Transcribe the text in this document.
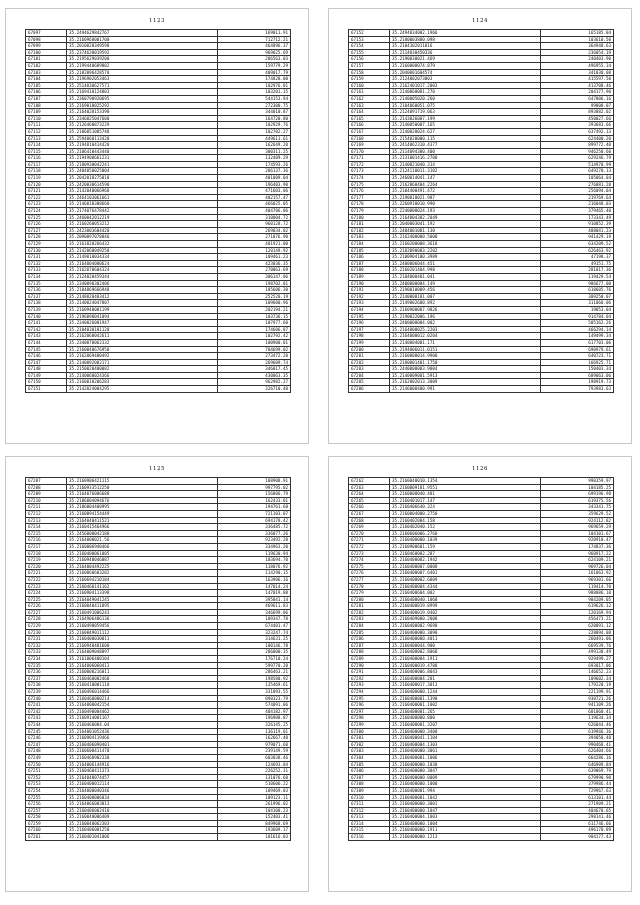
1123
67097	35.2494629842767	169011.91
67098	35.2160968001700	712712.21
67099	35.2010020349598	464896.37
67100	35.2374620019592	969025.69
67101	35.2195629039200	286563.03
67102	35.2199440689802	159779.29
67103	35.2182096428570	409017.79
67104	35.2196902053463	174828.00
67105	35.2514030627571	102976.01
67106	35.2169410124803	103201.15
67107	35.2360790920695	544153.94
67108	35.2169010025292	272300.75
67109	35.2164020153398	344010.87
67110	35.2346025047600	164720.80
67111	35.2126460873229	102929.76
67112	35.2186051005748	102702.27
67113	35.2594060113420	449611.61
67114	35.2194010414420	162649.20
67115	35.2106410443440	300311.25
67116	35.2194900661231	132409.29
67117	35.2180930042241	174593.26
67118	35.2404050025004	286137.36
67119	35.2042010275018	401009.04
67120	35.2420030614590	196403.90
67121	35.2142040066968	471603.06
67122	35.2464103061661	402157.47
67123	35.2146010308660	466025.05
67124	35.2174076478442	404706.06
67125	35.2460042012219	310004.72
67126	35.2160260053212	960128.72
67127	35.2423003604420	269034.02
67128	35.2090097078046	271076.90
67129	35.2161020266432	401921.00
67130	35.2142060049250	120149.92
67131	35.2149010034334	109461.23
67132	35.2164004000624	423036.35
67133	35.2162070604324	270063.69
67134	35.2124020459344	306147.06
67135	35.2340090302406	198702.01
67136	35.2184069666948	185606.30
67137	35.2148020403412	252520.19
67138	35.2140024047807	109600.96
67139	35.2160940001199	202194.21
67140	35.2196090041094	103736.15
67141	35.2340026001947	107977.60
67142	35.2104030101120	174606.87
67143	35.2162060042611	102792.42
67144	35.2340070062332	100900.01
67145	35.2160040676950	704699.02
67146	35.2162069400492	273472.20
67147	35.2140092002171	269609.74
67148	35.2150020400082	346017.45
67149	35.2140060024366	430063.35
67150	35.2160010206283	962982.27
67151	35.2142024004295	326710.40
1124
67152	35.2494034002.1966	165185.04
67153	35.2180003800.098	103610.50
67154	35.2104302011016	364948.63
67155	35.2114030450336	236054.19
67156	35.2190030021.469	240403.90
67157	35.2160008074.879	496955.34
67158	35.2040001604574	341030.08
67159	35.2124002073003	415597.50
67160	35.2162401017.2003	413708.46
67161	35.2140060081.270	204177.90
67162	35.2140005020.260	647806.16
67163	35.2104060051.075	99808.07
67164	35.2124091719.063	893882.02
67165	35.2143026007.199	450027.66
67166	35.2140050007.165	393683.66
67167	35.2140020024.627	637492.13
67168	35.2154020000.115	624400.20
67169	35.2414062310.4377	899772.40
67170	35.2114094380.400	946250.60
67171	35.2131001416.2700	629246.79
67172	35.2140021040.314	514970.99
67173	35.2124110011.3102	649270.13
67174	35.2460014041.147	105064.04
67175	35.2162060404.2264	276881.28
67176	35.2104400491.472	256094.04
67177	35.2190010021.987	219769.64
67178	35.2260910010.990	216048.03
67179	35.2240000024.193	379465.40
67180	35.2164004302.2049	173343.49
67181	35.2040003041.192	910052.39
67182	35.2404001001.130	488041.23
67183	35.2162400000.5000	941429.19
67184	35.2160200008.3618	634209.52
67185	35.2182090003.2202	626463.92
67186	35.2100904100.3989	47198.37
67187	35.2400006044.451	49151.75
67188	35.2160201404.998	281017.36
67189	35.2104000401.041	119429.54
67190	35.2400000004.149	986677.00
67191	35.2190010009.456	618605.76
67192	35.2140000101.007	309250.07
67193	35.2149002600.892	311060.06
67194	35.2160900007.9826	19053.04
67195	35.2190022006.196	914784.04
67196	35.2400000004.002	505162.26
67197	35.2164000025.2203	466294.14
67198	35.2164000012.0204	149499.34
67199	35.2140004001.171	617703.06
67200	35.2194006011.0151	690979.61
67201	35.2160000014.9900	640723.71
67202	35.2180001401.1750	166925.71
67203	35.2440000003.9004	150403.34
67204	35.2140009001.5913	689063.06
67205	35.2162002013.3009	198919.73
67206	35.2146000400.991	793983.63
1125
67207	35.2160906421115	188908.91
67208	35.2160933512250	997795.02
67209	35.2164076006688	156806.79
67210	35.2186004094676	162433.01
67211	35.2186004400995	194761.68
67212	35.2160094154449	721103.07
67213	35.2164040411521	694178.42
67214	35.2160415464966	336485.72
67215	35.2456000042188	336077.26
67216	35.2164000021.56	923492.28
67217	35.2160006940466	334963.20
67218	35.2160400061005	119630.94
67219	35.2160940046087	103694.70
67220	35.2164004492225	118076.92
67221	35.2160060603282	114290.15
67222	35.2160694210184	163906.16
67223	35.2160460141162	147014.24
67224	35.2160904113398	147019.08
67225	35.2164049041245	395041.14
67226	35.2160040411895	469611.83
67227	35.2160491006243	346699.06
67228	35.2164906486136	109347.78
67229	35.2160490059456	674401.47
67230	35.2160049011112	323247.74
67231	35.2160400030011	314631.25
67232	35.2160940401600	100146.78
67233	35.2164009048097	286000.35
67234	35.2161006400104	176710.24
67235	35.2164006060413	599770.20
67236	35.2160000216011	286463.21
67237	35.2160460002460	198580.92
67238	35.2160410001110	135469.61
67239	35.2160496014466	331093.55
67240	35.2160460000214	890323.79
67241	35.2164000042154	574091.06
67242	35.2160490004462	404182.97
67243	35.2160914001167	196908.87
67244	35.2160460084.04	326145.25
67245	35.2164001052436	136119.01
67246	35.2160904119466	162667.40
67247	35.2160406090401	979071.60
67248	35.2160600411470	239149.59
67249	35.2160460902330	603038.46
67250	35.2164006144916	124693.04
67251	35.2160460411373	226252.31
67252	35.2164040074457	131076.60
67253	35.2160400012114	510606.22
67254	35.2164000040346	109469.03
67255	35.2160400006034	109123.11
67256	35.2164066003013	261996.02
67257	35.2160406002410	104100.23
67258	35.2160040006409	152403.41
67259	35.2160040062303	849968.69
67260	35.2160406001250	193609.17
67261	35.2160401041006	101616.03
1126
67262	35.2160040010.1354	990359.97
67263	35.2160009181.9551	104185.25
67264	35.2160000040.481	699196.98
67265	35.2160401017.147	619375.56
67266	35.2160406640.324	343341.75
67267	35.2160004000.2750	359629.52
67268	35.2160402004.158	924112.82
67269	35.2160402040.152	969659.29
67270	35.2160606006.2760	104101.67
67271	35.2160400000.1039	920910.47
67272	35.2160900601.159	174837.36
67273	35.2160460002.287	960917.22
67274	35.2160400002.1942	624109.21
67275	35.2160400007.0008	969726.04
67276	35.2160400007.6401	161063.92
67277	35.2160400002.6809	969301.66
67278	35.2160400004.4344	119414.70
67279	35.2160400604.002	988086.10
67280	35.2160400040.1068	984209.05
67281	35.2160400019.8999	619626.12
67282	35.2160400019.0402	120169.94
67283	35.2160409000.2008	456473.21
67284	35.2160400002.9690	620091.12
67285	35.2160400000.3090	228094.08
67286	35.2160400000.4011	260491.06
67287	35.2160400044.900	669539.76
67288	35.2160400002.8068	499130.49
67289	35.2160400004.1911	929499.27
67290	35.2160400019.4700	693017.06
67291	35.2160400006.8043	146652.23
67292	35.2160400004.201	109602.34
67293	35.2160400017.3013	179220.19
67294	35.2160400000.1244	221199.91
67295	35.2160400001.1390	930721.26
67296	35.2160400001.1002	941109.26
67297	35.2160400001.265	601060.41
67298	35.2160400000.800	119634.34
67299	35.2160400001.3207	626044.46
67300	35.2160400000.3400	619946.36
67301	35.2160400041.1104	394050.40
67302	35.2160400004.1303	990468.41
67303	35.2160400000.3061	626404.66
67304	35.2160400001.1006	664286.16
67305	35.2160400000.1030	646909.84
67306	35.2160400000.3047	639069.79
67307	35.2160400000.0009	679990.90
67308	35.2160400000.1000	379986.44
67309	35.2160400001.994	729967.63
67310	35.2160400001.1042	613101.44
67311	35.2160400000.3001	271909.21
67312	35.2160400000.1047	404670.65
67313	35.2160400004.1003	298141.46
67314	35.2160400000.1004	611746.66
67315	35.2160400000.1911	496170.89
67316	35.2160400000.1213	904177.43
